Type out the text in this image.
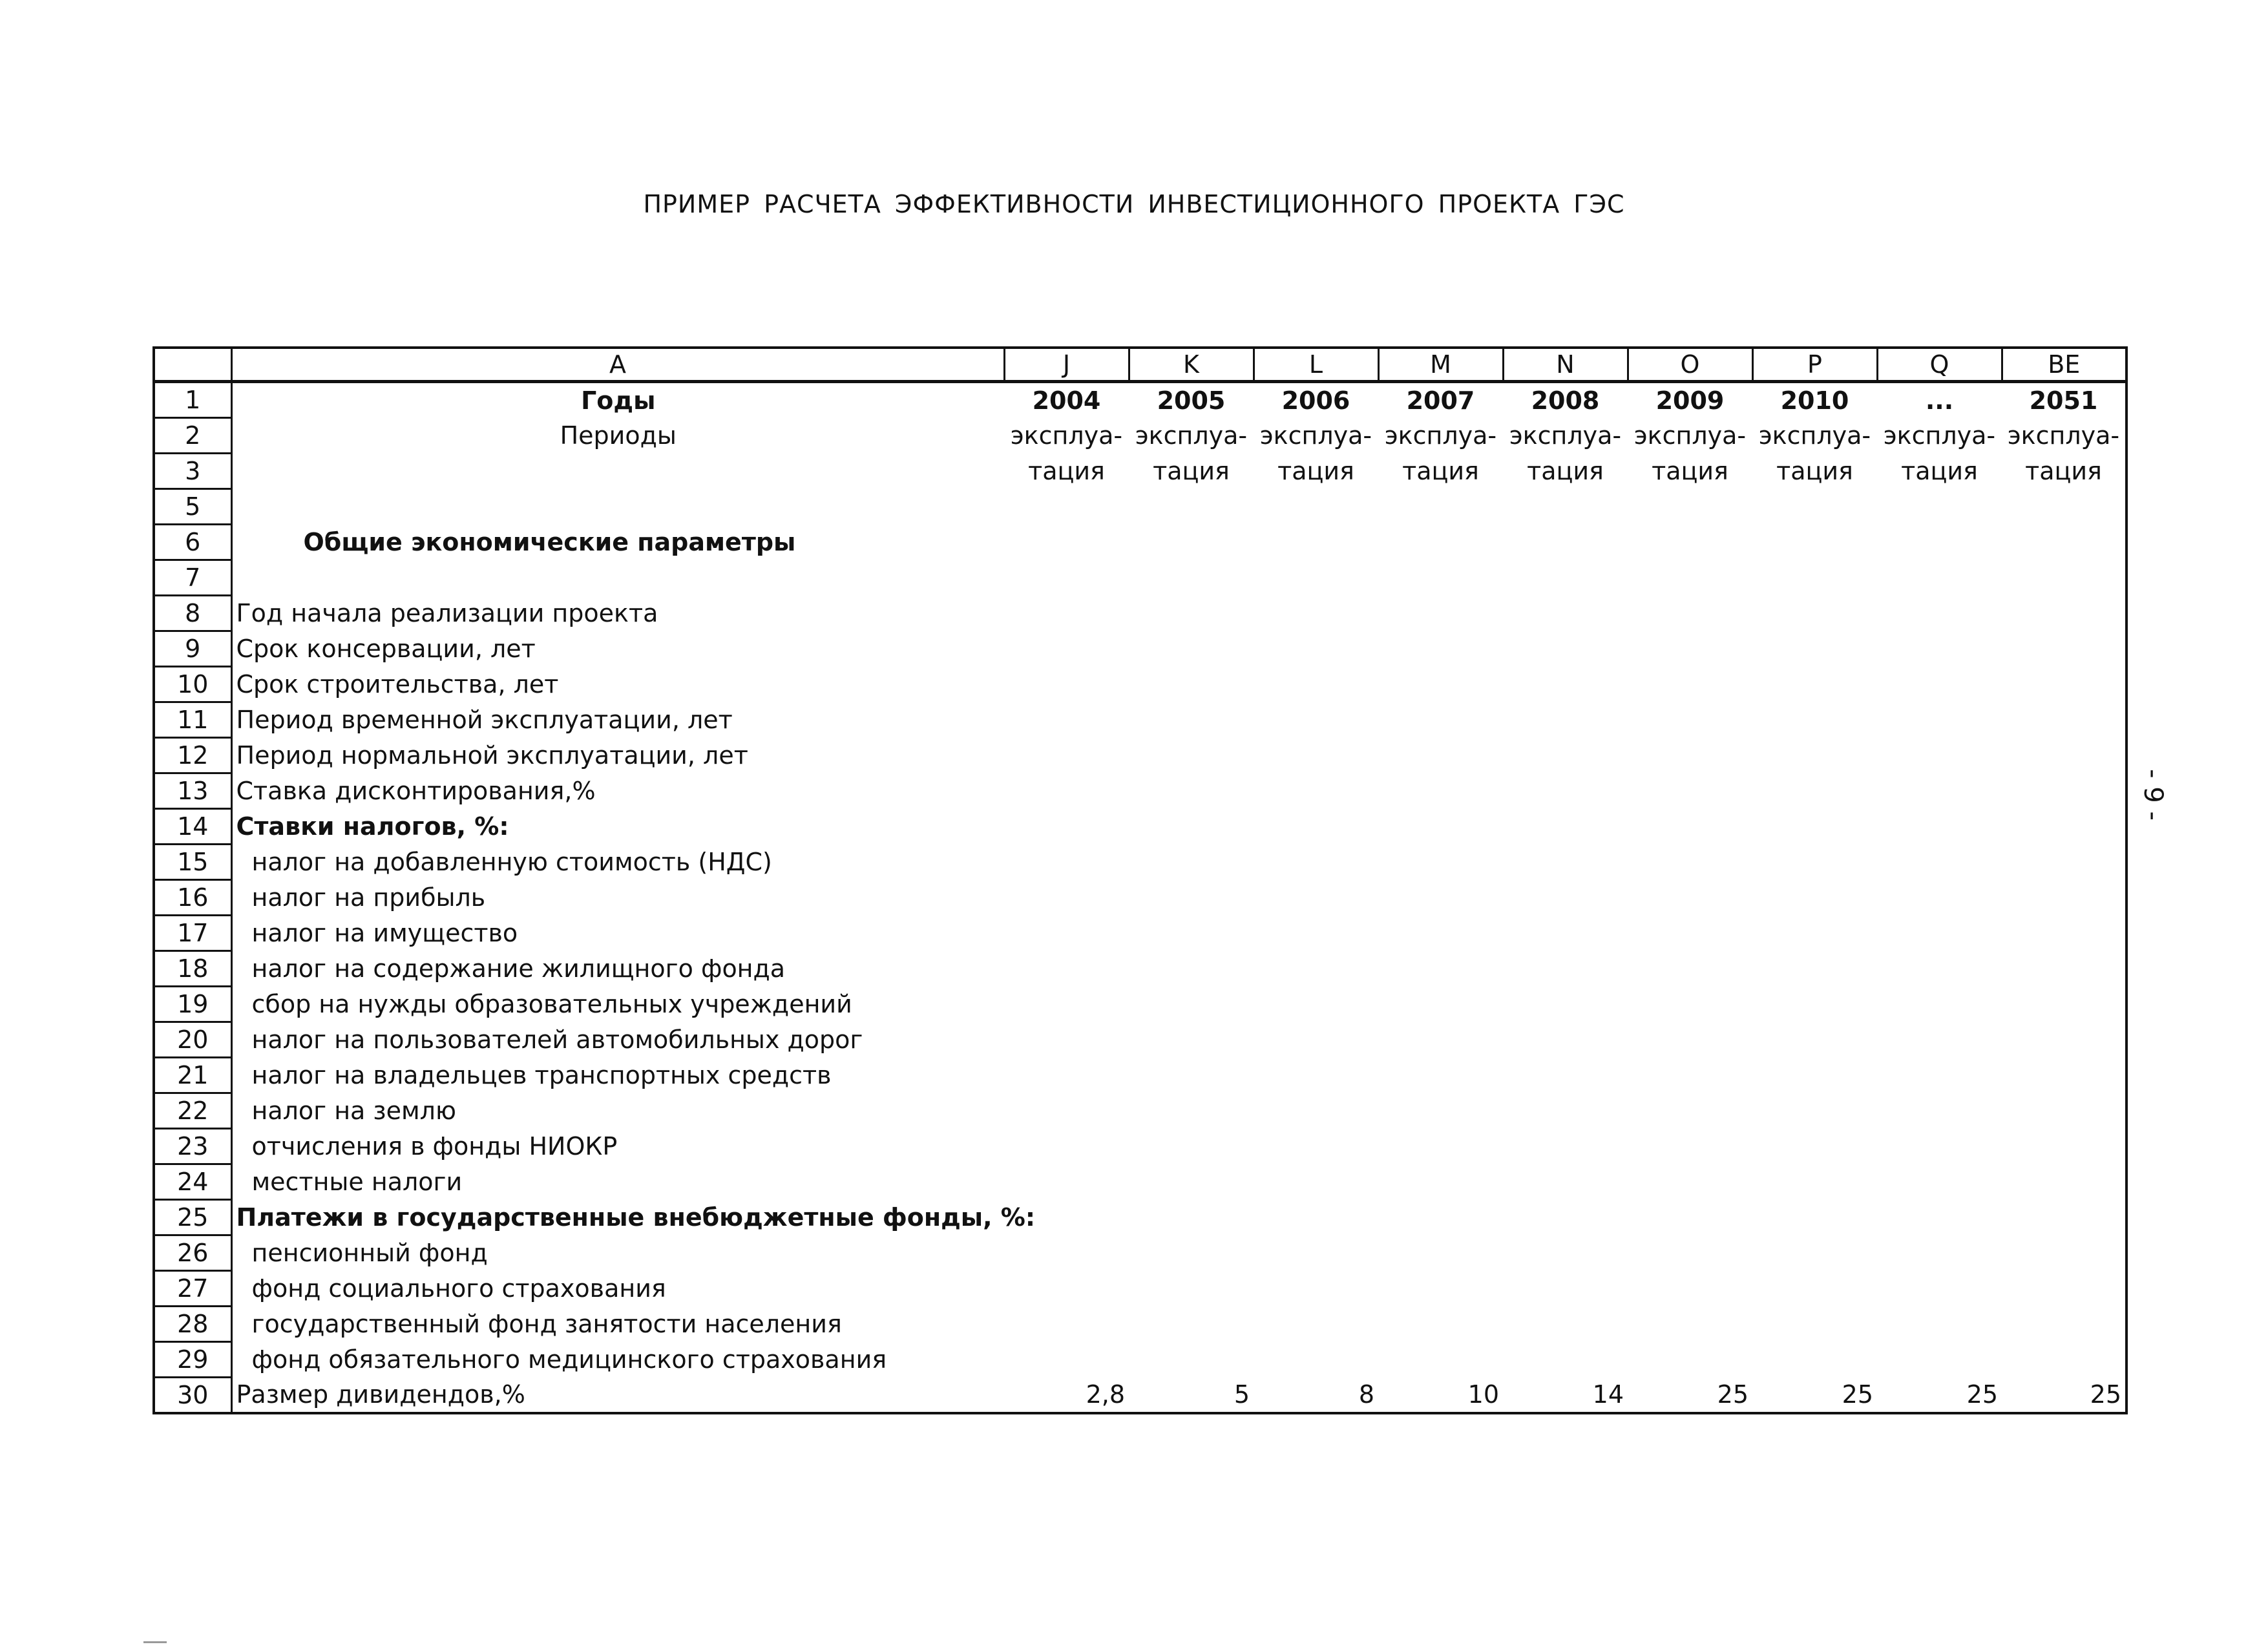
ПРИМЕР РАСЧЕТА ЭФФЕКТИВНОСТИ ИНВЕСТИЦИОННОГО ПРОЕКТА ГЭС
- 9 -
	A	J	K	L	M	N	O	P	Q	BE
1	Годы	2004	2005	2006	2007	2008	2009	2010	...	2051
2	Периоды	эксплуа-	эксплуа-	эксплуа-	эксплуа-	эксплуа-	эксплуа-	эксплуа-	эксплуа-	эксплуа-
3		тация	тация	тация	тация	тация	тация	тация	тация	тация
5										
6	Общие экономические параметры									
7										
8	Год начала реализации проекта									
9	Срок консервации, лет									
10	Срок строительства, лет									
11	Период временной эксплуатации, лет									
12	Период нормальной эксплуатации, лет									
13	Ставка дисконтирования,%									
14	Ставки налогов, %:									
15	налог на добавленную стоимость (НДС)									
16	налог на прибыль									
17	налог на имущество									
18	налог на содержание жилищного фонда									
19	сбор на нужды образовательных учреждений									
20	налог на пользователей автомобильных дорог									
21	налог на владельцев транспортных средств									
22	налог на землю									
23	отчисления в фонды НИОКР									
24	местные налоги									
25	Платежи в государственные внебюджетные фонды, %:									
26	пенсионный фонд									
27	фонд социального страхования									
28	государственный фонд занятости населения									
29	фонд обязательного медицинского страхования									
30	Размер дивидендов,%	2,8	5	8	10	14	25	25	25	25
